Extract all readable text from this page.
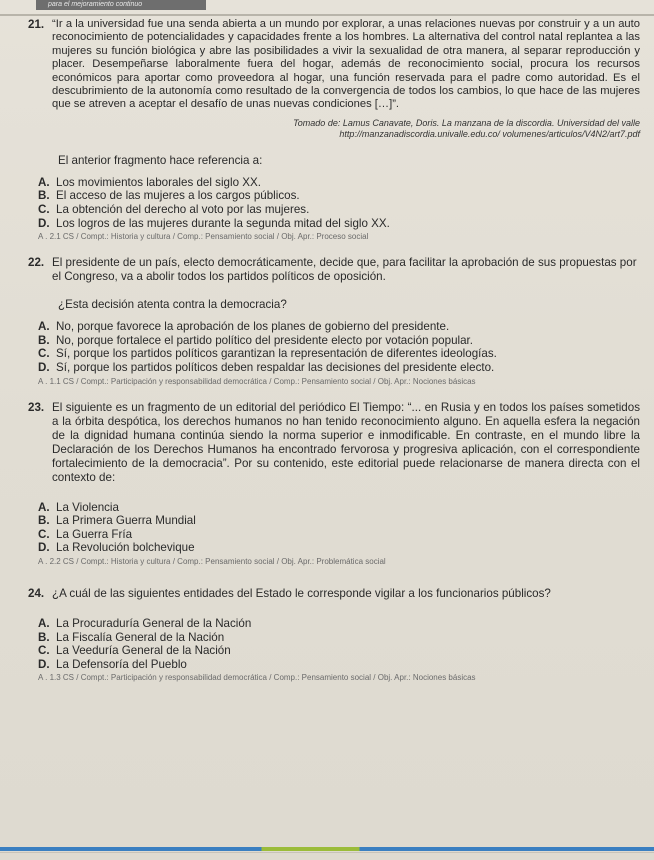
para el mejoramiento continuo
21. “Ir a la universidad fue una senda abierta a un mundo por explorar, a unas relaciones nuevas por construir y a un auto reconocimiento de potencialidades y capacidades frente a los hombres. La alternativa del control natal replantea a las mujeres su función biológica y abre las posibilidades a vivir la sexualidad de otra manera, al separar reproducción y placer. Desempeñarse laboralmente fuera del hogar, además de reconocimiento social, procura los recursos económicos para aportar como proveedora al hogar, una función reservada para el padre como autoridad. Es el descubrimiento de la autonomía como resultado de la convergencia de todos los cambios, lo que hace de las mujeres que se atreven a aceptar el desafío de unas nuevas condiciones […]”.
Tomado de: Lamus Canavate, Doris. La manzana de la discordia. Universidad del valle
http://manzanadiscordia.univalle.edu.co/ volumenes/articulos/V4N2/art7.pdf
El anterior fragmento hace referencia a:
A. Los movimientos laborales del siglo XX.
B. El acceso de las mujeres a los cargos públicos.
C. La obtención del derecho al voto por las mujeres.
D. Los logros de las mujeres durante la segunda mitad del siglo XX.
A . 2.1 CS / Compt.: Historia y cultura / Comp.: Pensamiento social / Obj. Apr.: Proceso social
22. El presidente de un país, electo democráticamente, decide que, para facilitar la aprobación de sus propuestas por el Congreso, va a abolir todos los partidos políticos de oposición.
¿Esta decisión atenta contra la democracia?
A. No, porque favorece la aprobación de los planes de gobierno del presidente.
B. No, porque fortalece el partido político del presidente electo por votación popular.
C. Sí, porque los partidos políticos garantizan la representación de diferentes ideologías.
D. Sí, porque los partidos políticos deben respaldar las decisiones del presidente electo.
A . 1.1 CS / Compt.: Participación y responsabilidad democrática / Comp.: Pensamiento social / Obj. Apr.: Nociones básicas
23. El siguiente es un fragmento de un editorial del periódico El Tiempo: “... en Rusia y en todos los países sometidos a la órbita despótica, los derechos humanos no han tenido reconocimiento alguno. En aquella esfera la negación de la dignidad humana continúa siendo la norma superior e inmodificable. En contraste, en el mundo libre la Declaración de los Derechos Humanos ha encontrado fervorosa y progresiva aplicación, con el correspondiente fortalecimiento de la democracia”. Por su contenido, este editorial puede relacionarse de manera directa con el contexto de:
A. La Violencia
B. La Primera Guerra Mundial
C. La Guerra Fría
D. La Revolución bolchevique
A . 2.2 CS / Compt.: Historia y cultura / Comp.: Pensamiento social / Obj. Apr.: Problemática social
24. ¿A cuál de las siguientes entidades del Estado le corresponde vigilar a los funcionarios públicos?
A. La Procuraduría General de la Nación
B. La Fiscalía General de la Nación
C. La Veeduría General de la Nación
D. La Defensoría del Pueblo
A . 1.3 CS / Compt.: Participación y responsabilidad democrática / Comp.: Pensamiento social / Obj. Apr.: Nociones básicas
